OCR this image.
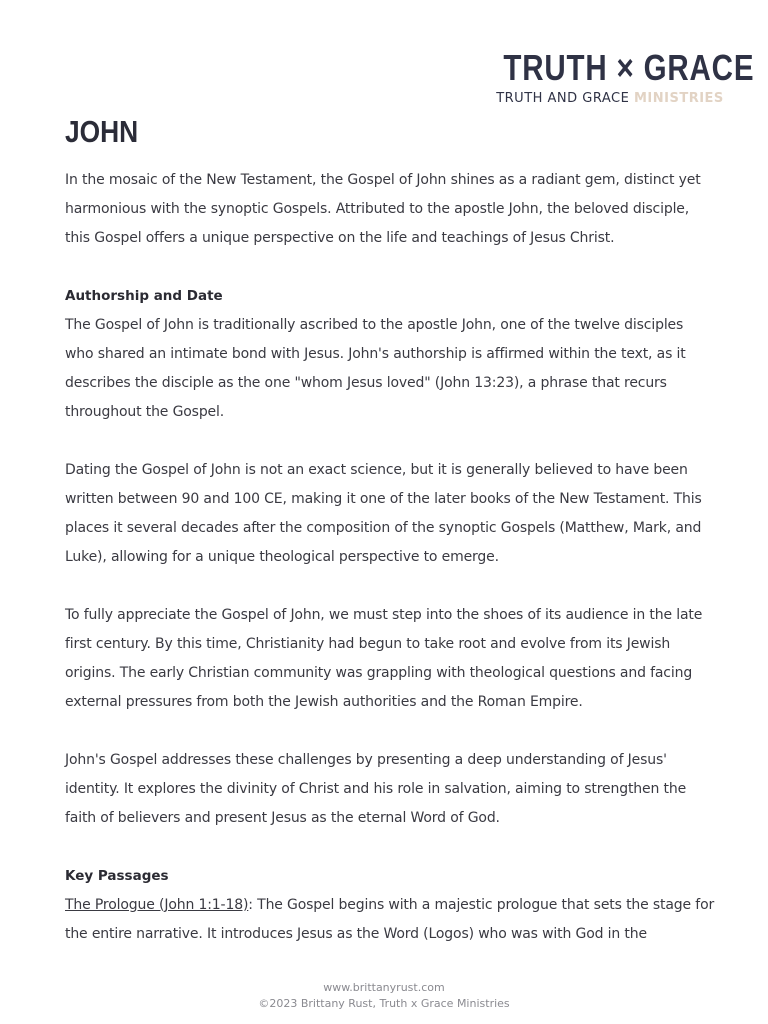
TRUTH × GRACE
TRUTH AND GRACE MINISTRIES
JOHN

In the mosaic of the New Testament, the Gospel of John shines as a radiant gem, distinct yet harmonious with the synoptic Gospels. Attributed to the apostle John, the beloved disciple, this Gospel offers a unique perspective on the life and teachings of Jesus Christ.

Authorship and Date

The Gospel of John is traditionally ascribed to the apostle John, one of the twelve disciples who shared an intimate bond with Jesus. John's authorship is affirmed within the text, as it describes the disciple as the one "whom Jesus loved" (John 13:23), a phrase that recurs throughout the Gospel.

Dating the Gospel of John is not an exact science, but it is generally believed to have been written between 90 and 100 CE, making it one of the later books of the New Testament. This places it several decades after the composition of the synoptic Gospels (Matthew, Mark, and Luke), allowing for a unique theological perspective to emerge.

To fully appreciate the Gospel of John, we must step into the shoes of its audience in the late first century. By this time, Christianity had begun to take root and evolve from its Jewish origins. The early Christian community was grappling with theological questions and facing external pressures from both the Jewish authorities and the Roman Empire.

John's Gospel addresses these challenges by presenting a deep understanding of Jesus' identity. It explores the divinity of Christ and his role in salvation, aiming to strengthen the faith of believers and present Jesus as the eternal Word of God.

Key Passages

The Prologue (John 1:1-18): The Gospel begins with a majestic prologue that sets the stage for the entire narrative. It introduces Jesus as the Word (Logos) who was with God in the

www.brittanyrust.com
©2023 Brittany Rust, Truth x Grace Ministries
